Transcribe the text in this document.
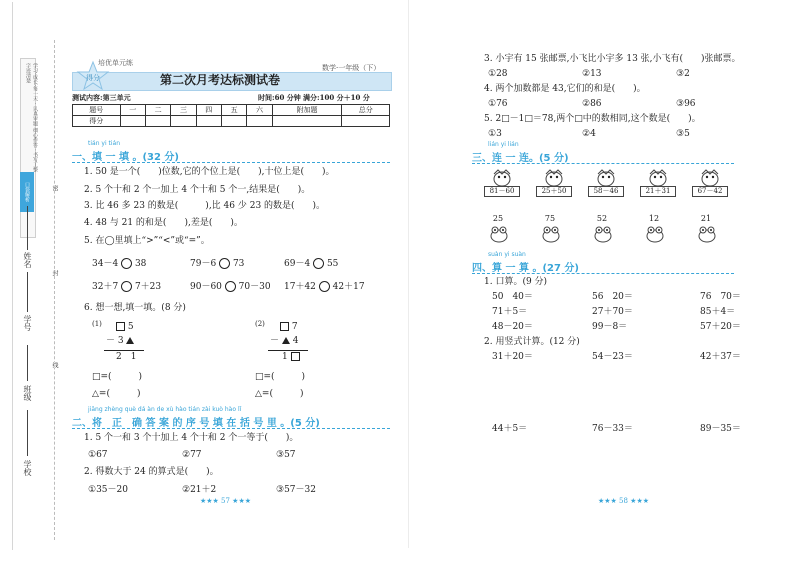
学习·成长·每一天 · 认真审题 细心作答 · 书写工整 字迹清楚
口袋解析
学校
班级
学号
姓名
密
封
线
培优单元练
得分
数学·一年级（下）
第二次月考达标测试卷
测试内容:第三单元	时间:60 分钟 满分:100 分＋10 分
题号	一	二	三	四	五	六	附加题	总分
得分								
tián yi tián
一、填 一 填 。(32 分)
1. 50 是一个(　　)位数,它的个位上是(　　),十位上是(　　)。
2. 5 个十和 2 个一加上 4 个十和 5 个一,结果是(　　)。
3. 比 46 多 23 的数是(　　　),比 46 少 23 的数是(　　)。
4. 48 与 21 的和是(　　),差是(　　)。
5. 在◯里填上“>”“<”或“=”。
34－4 38	79－6 73	69－4 55
32＋7 7＋23	90－60 70－30 17＋42 42＋17
6. 想一想,填一填。(8 分)
(1)	5
－ 3
2　 1
(2)	7
－ 4
1
□=(　　　)
△=(　　　)
□=(　　　)
△=(　　　)
jiāng zhèng què dá àn de xù hào tián zài kuò hào lǐ
二、将　正　确 答 案 的 序 号 填 在 括 号 里 。(5 分)
1. 5 个一和 3 个十加上 4 个十和 2 个一等于(　　)。
①67	②77	③57
2. 得数大于 24 的算式是(　　)。
①35－20	②21＋2	③57－32
★★★ 57 ★★★
3. 小宇有 15 张邮票,小飞比小宇多 13 张,小飞有(　　)张邮票。
①28	②13	③2
4. 两个加数都是 43,它们的和是(　　)。
①76	②86	③96
5. 2□－1□＝78,两个□中的数相同,这个数是(　　)。
①3	②4	③5
lián yi lián
三、连 一 连。(5 分)
81－60	25＋50	58－46	21＋31	67－42
25	75	52	12	21
suàn yi suàn
四、算 一 算 。(27 分)
1. 口算。(9 分)
50　40＝	56　20＝	76　70＝
71＋5＝	27＋70＝	85＋4＝
48－20＝	99－8＝	57＋20＝
2. 用竖式计算。(12 分)
31＋20＝	54－23＝	42＋37＝
44＋5＝	76－33＝	89－35＝
★★★ 58 ★★★
